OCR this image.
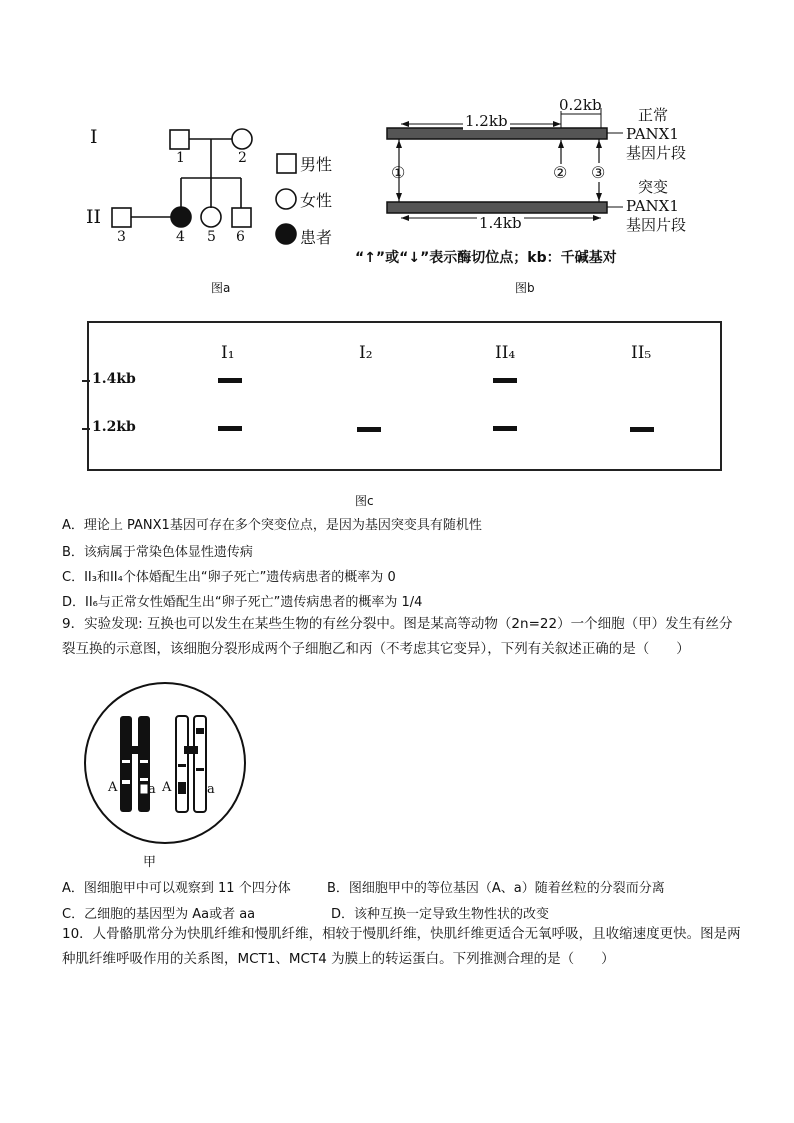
I
II
1	2
3	4 5 6
男性
女性
患者
图a
1.2kb
0.2kb
1.4kb
①	② ③
正常
PANX1
基因片段
突变
PANX1
基因片段
“↑”或“↓”表示酶切位点；kb：千碱基对
图b
1.4kb
1.2kb
I₁	I₂	II₄	II₅
图c
A．理论上 PANX1基因可存在多个突变位点，是因为基因突变具有随机性
B．该病属于常染色体显性遗传病
C．II₃和II₄个体婚配生出“卵子死亡”遗传病患者的概率为 0
D．II₆与正常女性婚配生出“卵子死亡”遗传病患者的概率为 1/4
9．实验发现: 互换也可以发生在某些生物的有丝分裂中。图是某高等动物（2n=22）一个细胞（甲）发生有丝分裂互换的示意图，该细胞分裂形成两个子细胞乙和丙（不考虑其它变异），下列有关叙述正确的是（　　）
A a A	a
甲
A．图细胞甲中可以观察到 11 个四分体	B．图细胞甲中的等位基因（A、a）随着丝粒的分裂而分离
C．乙细胞的基因型为 Aa或者 aa	D．该种互换一定导致生物性状的改变
10．人骨骼肌常分为快肌纤维和慢肌纤维，相较于慢肌纤维，快肌纤维更适合无氧呼吸，且收缩速度更快。图是两种肌纤维呼吸作用的关系图，MCT1、MCT4 为膜上的转运蛋白。下列推测合理的是（　　）
